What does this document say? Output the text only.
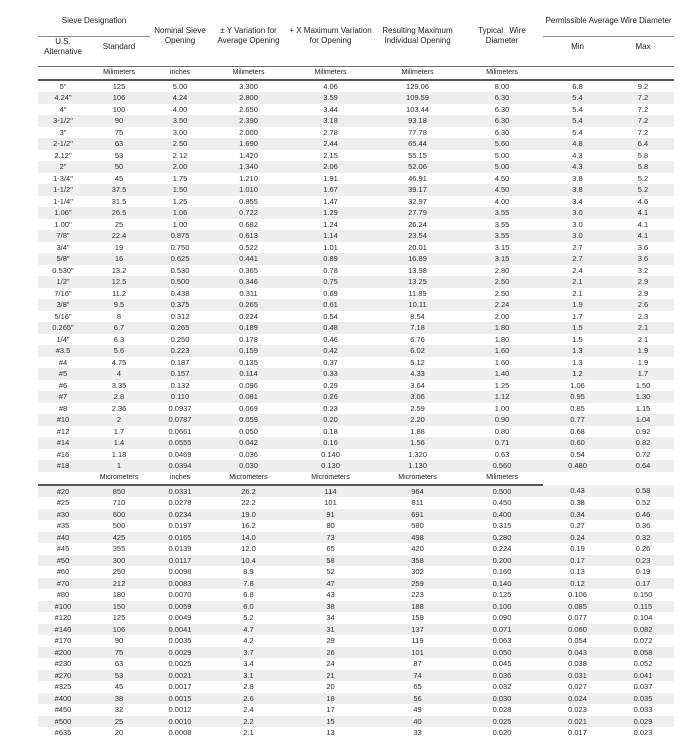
Sieve Designation		Nominal Sieve Opening	± Y Variation for Average Opening	+ X Maximum Variation for Opening	Resulting Maximum Individual Opening	Typical Wire Diameter	Permissible Average Wire Diameter	
U.S. Alternative	Standard						Min	Max
	Milimeters	inches	Milimeters	Milimeters	Milimeters	Milimeters		
5"	125	5.00	3.300	4.06	129.06	8.00	6.8	9.2
4.24"	106	4.24	2.800	3.59	109.59	6.30	5.4	7.2
4"	100	4.00	2.650	3.44	103.44	6.30	5.4	7.2
3-1/2"	90	3.50	2.390	3.18	93.18	6.30	5.4	7.2
3"	75	3.00	2.000	2.78	77.78	6.30	5.4	7.2
2-1/2"	63	2.50	1.690	2.44	65.44	5.60	4.8	6.4
2.12"	53	2.12	1.420	2.15	55.15	5.00	4.3	5.8
2"	50	2.00	1.340	2.06	52.06	5.00	4.3	5.8
1-3/4"	45	1.75	1.210	1.91	46.91	4.50	3.8	5.2
1-1/2"	37.5	1.50	1.010	1.67	39.17	4.50	3.8	5.2
1-1/4"	31.5	1.25	0.855	1.47	32.97	4.00	3.4	4.6
1.06"	26.5	1.06	0.722	1.29	27.79	3.55	3.0	4.1
1.00"	25	1.00	0.682	1.24	26.24	3.55	3.0	4.1
7/8"	22.4	0.875	0.613	1.14	23.54	3.55	3.0	4.1
3/4"	19	0.750	0.522	1.01	20.01	3.15	2.7	3.6
5/8"	16	0.625	0.441	0.89	16.89	3.15	2.7	3.6
0.530"	13.2	0.530	0.365	0.78	13.98	2.80	2.4	3.2
1/2"	12.5	0.500	0.346	0.75	13.25	2.50	2.1	2.9
7/16"	11.2	0.438	0.311	0.69	11.89	2.50	2.1	2.9
3/8"	9.5	0.375	0.265	0.61	10.11	2.24	1.9	2.6
5/16"	8	0.312	0.224	0.54	8.54	2.00	1.7	2.3
0.265"	6.7	0.265	0.189	0.48	7.18	1.80	1.5	2.1
1/4"	6.3	0.250	0.178	0.46	6.76	1.80	1.5	2.1
#3.5	5.6	0.223	0.159	0.42	6.02	1.60	1.3	1.9
#4	4.75	0.187	0.135	0.37	5.12	1.60	1.3	1.9
#5	4	0.157	0.114	0.33	4.33	1.40	1.2	1.7
#6	3.35	0.132	0.096	0.29	3.64	1.25	1.06	1.50
#7	2.8	0.110	0.081	0.26	3.06	1.12	0.95	1.30
#8	2.36	0.0937	0.069	0.23	2.59	1.00	0.85	1.15
#10	2	0.0787	0.059	0.20	2.20	0.90	0.77	1.04
#12	1.7	0.0661	0.050	0.18	1.88	0.80	0.68	0.92
#14	1.4	0.0555	0.042	0.16	1.56	0.71	0.60	0.82
#16	1.18	0.0469	0.036	0.140	1.320	0.63	0.54	0.72
#18	1	0.0394	0.030	0.130	1.130	0.560	0.480	0.64
	Micrometers	inches	Micrometers	Micrometers	Micrometers	Milimeters		
#20	850	0.0331	26.2	114	964	0.500	0.43	0.58
#25	710	0.0278	22.2	101	811	0.450	0.38	0.52
#30	600	0.0234	19.0	91	691	0.400	0.34	0.46
#35	500	0.0197	16.2	80	580	0.315	0.27	0.36
#40	425	0.0165	14.0	73	498	0.280	0.24	0.32
#45	355	0.0139	12.0	65	420	0.224	0.19	0.26
#50	300	0.0117	10.4	58	358	0.200	0.17	0.23
#60	250	0.0098	8.9	52	302	0.160	0.13	0.19
#70	212	0.0083	7.8	47	259	0.140	0.12	0.17
#80	180	0.0070	6.8	43	223	0.125	0.106	0.150
#100	150	0.0059	6.0	38	188	0.100	0.085	0.115
#120	125	0.0049	5.2	34	159	0.090	0.077	0.104
#140	106	0.0041	4.7	31	137	0.071	0.060	0.082
#170	90	0.0035	4.2	29	119	0.063	0.054	0.072
#200	75	0.0029	3.7	26	101	0.050	0.043	0.058
#230	63	0.0025	3.4	24	87	0.045	0.038	0.052
#270	53	0.0021	3.1	21	74	0.036	0.031	0.041
#325	45	0.0017	2.8	20	65	0.032	0.027	0.037
#400	38	0.0015	2.6	18	56	0.030	0.024	0.035
#450	32	0.0012	2.4	17	49	0.028	0.023	0.033
#500	25	0.0010	2.2	15	40	0.025	0.021	0.029
#635	20	0.0008	2.1	13	33	0.020	0.017	0.023
